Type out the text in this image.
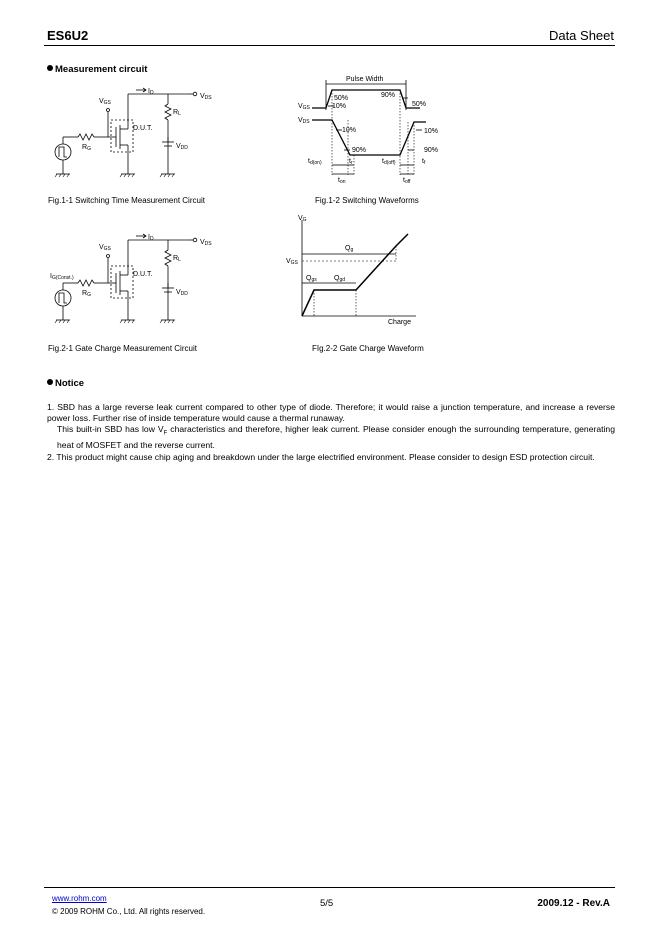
ES6U2	Data Sheet
Measurement circuit
VGS
ID	VDS
RL
D.U.T.
RG	VDD
Pulse Width
VGS
VDS
50%
10%
90%
50%
10%
90%
10%
90%
td(on)	tr	td(off)	tf
ton	toff
Fig.1-1 Switching Time Measurement Circuit	Fig.1-2 Switching Waveforms
VGS
ID	VDS
RL
D.U.T.
IG(Const.)
RG	VDD
VG
VGS
Qg
Qgs Qgd
Charge
Fig.2-1 Gate Charge Measurement Circuit	FIg.2-2 Gate Charge Waveform
Notice

1. SBD has a large reverse leak current compared to other type of diode. Therefore; it would raise a junction temperature, and increase a reverse power loss. Further rise of inside temperature would cause a thermal runaway.

This built-in SBD has low $V_F$ characteristics and therefore, higher leak current. Please consider enough the surrounding temperature, generating heat of MOSFET and the reverse current.

2. This product might cause chip aging and breakdown under the large electrified environment. Please consider to design ESD protection circuit.

www.rohm.com
© 2009 ROHM Co., Ltd. All rights reserved.
5/5	2009.12 - Rev.A
